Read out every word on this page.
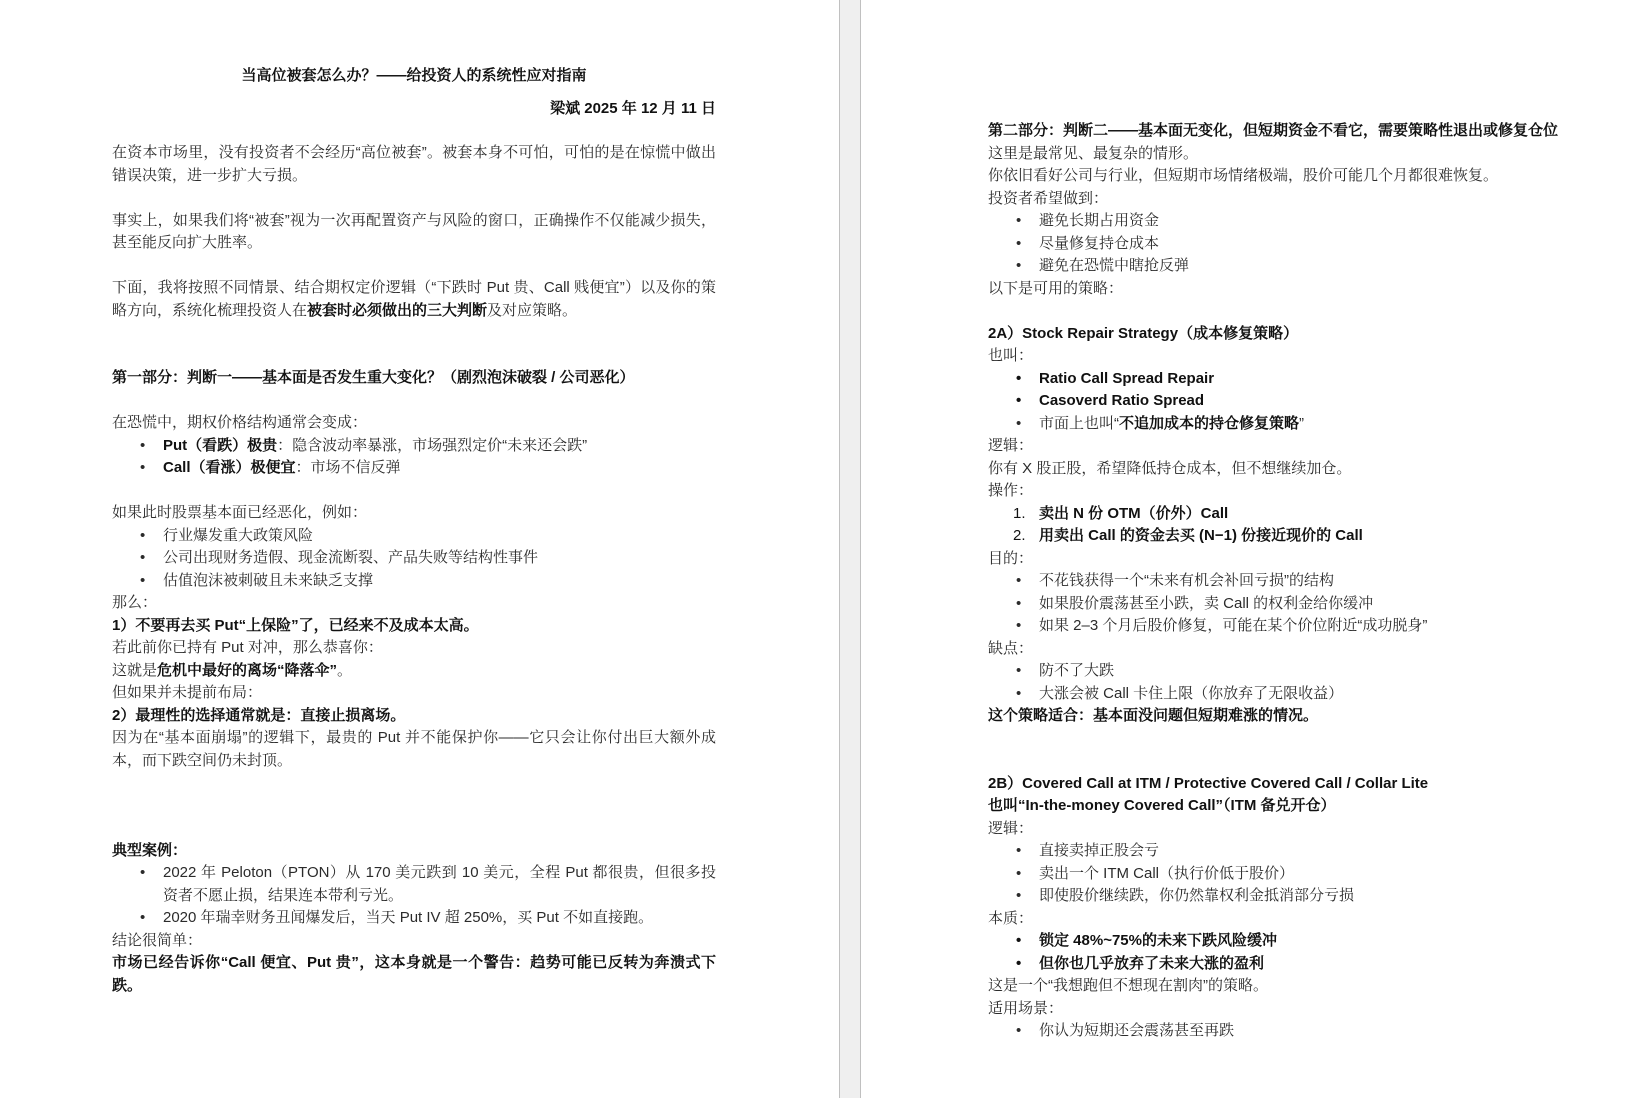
当高位被套怎么办？——给投资人的系统性应对指南
梁斌 2025 年 12 月 11 日
在资本市场里，没有投资者不会经历“高位被套”。被套本身不可怕，可怕的是在惊慌中做出错误决策，进一步扩大亏损。
事实上，如果我们将“被套”视为一次再配置资产与风险的窗口，正确操作不仅能减少损失，甚至能反向扩大胜率。
下面，我将按照不同情景、结合期权定价逻辑（“下跌时 Put 贵、Call 贱便宜”）以及你的策略方向，系统化梳理投资人在被套时必须做出的三大判断及对应策略。
第一部分：判断一——基本面是否发生重大变化？（剧烈泡沫破裂 / 公司恶化）
在恐慌中，期权价格结构通常会变成：
• Put（看跌）极贵：隐含波动率暴涨，市场强烈定价“未来还会跌”
• Call（看涨）极便宜：市场不信反弹
如果此时股票基本面已经恶化，例如：
• 行业爆发重大政策风险
• 公司出现财务造假、现金流断裂、产品失败等结构性事件
• 估值泡沫被刺破且未来缺乏支撑
那么：
1）不要再去买 Put“上保险”了，已经来不及成本太高。
若此前你已持有 Put 对冲，那么恭喜你：
这就是危机中最好的离场“降落伞”。
但如果并未提前布局：
2）最理性的选择通常就是：直接止损离场。
因为在“基本面崩塌”的逻辑下，最贵的 Put 并不能保护你——它只会让你付出巨大额外成本，而下跌空间仍未封顶。
典型案例：
• 2022 年 Peloton（PTON）从 170 美元跌到 10 美元，全程 Put 都很贵，但很多投资者不愿止损，结果连本带利亏光。
• 2020 年瑞幸财务丑闻爆发后，当天 Put IV 超 250%，买 Put 不如直接跑。
结论很简单：
市场已经告诉你“Call 便宜、Put 贵”，这本身就是一个警告：趋势可能已反转为奔溃式下跌。
第二部分：判断二——基本面无变化，但短期资金不看它，需要策略性退出或修复仓位
这里是最常见、最复杂的情形。
你依旧看好公司与行业，但短期市场情绪极端，股价可能几个月都很难恢复。
投资者希望做到：
• 避免长期占用资金
• 尽量修复持仓成本
• 避免在恐慌中瞎抢反弹
以下是可用的策略：
2A）Stock Repair Strategy（成本修复策略）
也叫：
• Ratio Call Spread Repair
• Casoverd Ratio Spread
• 市面上也叫“不追加成本的持仓修复策略”
逻辑：
你有 X 股正股，希望降低持仓成本，但不想继续加仓。
操作：
1. 卖出 N 份 OTM（价外）Call
2. 用卖出 Call 的资金去买 (N−1) 份接近现价的 Call
目的：
• 不花钱获得一个“未来有机会补回亏损”的结构
• 如果股价震荡甚至小跌，卖 Call 的权利金给你缓冲
• 如果 2–3 个月后股价修复，可能在某个价位附近“成功脱身”
缺点：
• 防不了大跌
• 大涨会被 Call 卡住上限（你放弃了无限收益）
这个策略适合：基本面没问题但短期难涨的情况。
2B）Covered Call at ITM / Protective Covered Call / Collar Lite
也叫“In-the-money Covered Call”（ITM 备兑开仓）
逻辑：
• 直接卖掉正股会亏
• 卖出一个 ITM Call（执行价低于股价）
• 即使股价继续跌，你仍然靠权利金抵消部分亏损
本质：
• 锁定 48%~75%的未来下跌风险缓冲
• 但你也几乎放弃了未来大涨的盈利
这是一个“我想跑但不想现在割肉”的策略。
适用场景：
• 你认为短期还会震荡甚至再跌
